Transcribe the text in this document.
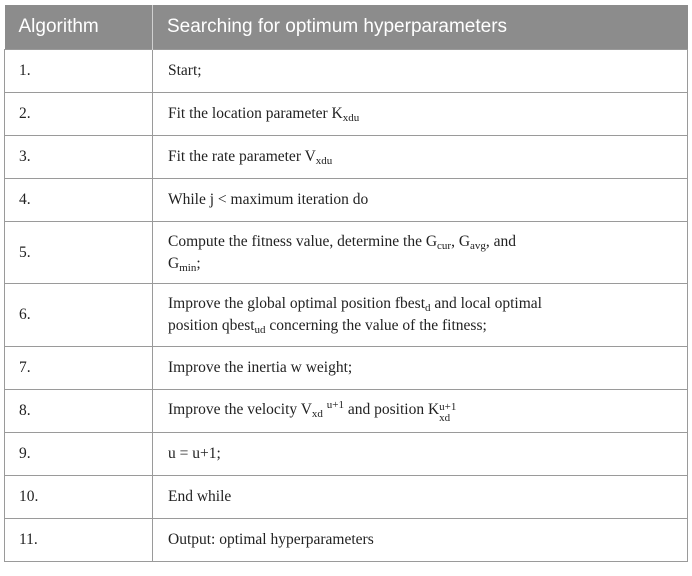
Algorithm	Searching for optimum hyperparameters
1.	Start;
2.	Fit the location parameter $K_{xdu}$
3.	Fit the rate parameter $V_{xdu}$
4.	While j < maximum iteration do
5.	Compute the fitness value, determine the $G_{cur}$, $G_{avg}$, and
$G_{min}$;
6.	Improve the global optimal position fbest$_d$ and local optimal
position qbest$_{ud}$ concerning the value of the fitness;
7.	Improve the inertia w weight;
8.	Improve the velocity $V_{xd}$ $^{u+1}$ and position K u+1
xd

9.	u = u+1;
10.	End while
11.	Output: optimal hyperparameters
